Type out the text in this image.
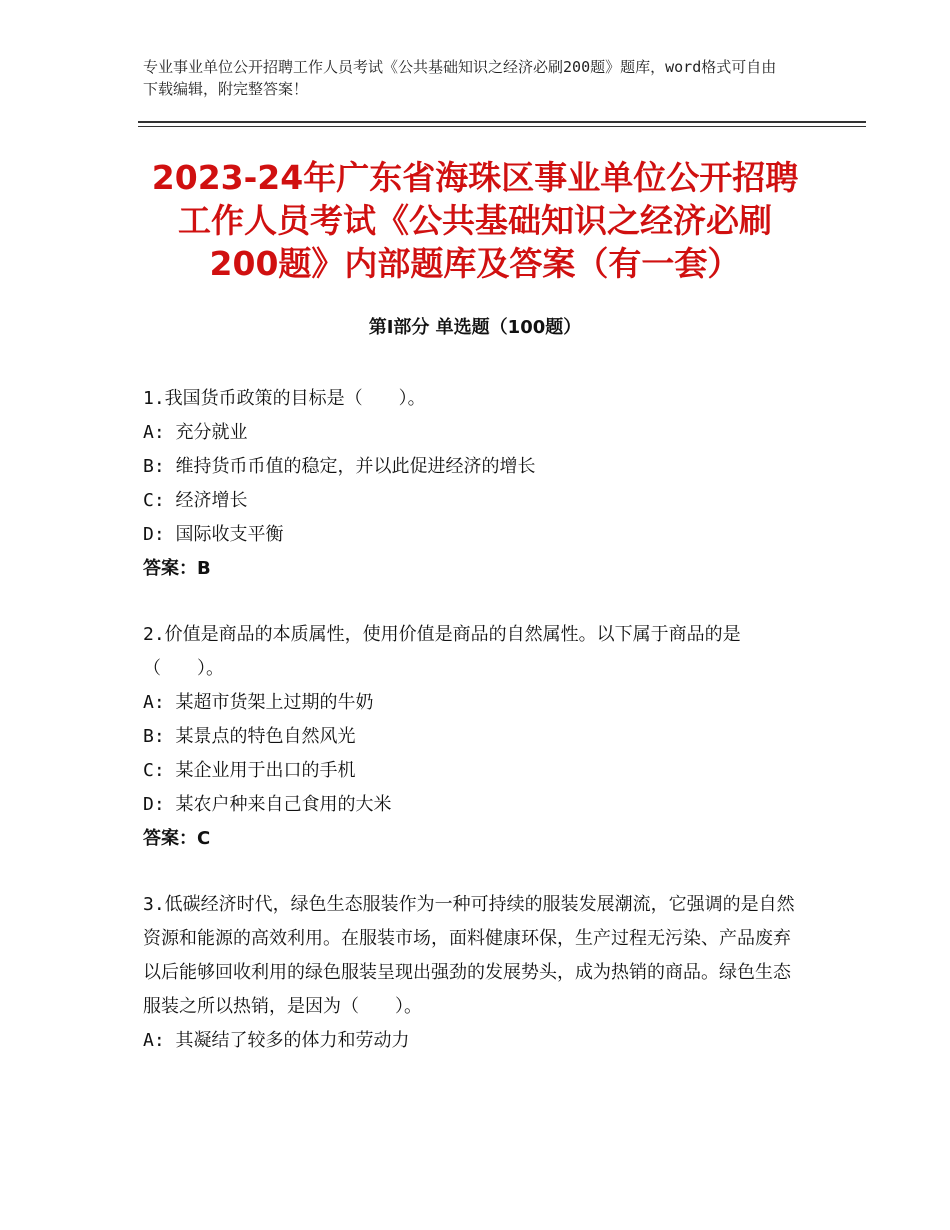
专业事业单位公开招聘工作人员考试《公共基础知识之经济必刷200题》题库，word格式可自由下载编辑，附完整答案！

2023-24年广东省海珠区事业单位公开招聘
工作人员考试《公共基础知识之经济必刷
200题》内部题库及答案（有一套）
第Ⅰ部分 单选题（100题）

1.我国货币政策的目标是（　　）。

A: 充分就业

B: 维持货币币值的稳定，并以此促进经济的增长

C: 经济增长

D: 国际收支平衡

答案：B

2.价值是商品的本质属性，使用价值是商品的自然属性。以下属于商品的是（　　）。

A: 某超市货架上过期的牛奶

B: 某景点的特色自然风光

C: 某企业用于出口的手机

D: 某农户种来自己食用的大米

答案：C

3.低碳经济时代，绿色生态服装作为一种可持续的服装发展潮流，它强调的是自然资源和能源的高效利用。在服装市场，面料健康环保，生产过程无污染、产品废弃以后能够回收利用的绿色服装呈现出强劲的发展势头，成为热销的商品。绿色生态服装之所以热销，是因为（　　）。

A: 其凝结了较多的体力和劳动力
